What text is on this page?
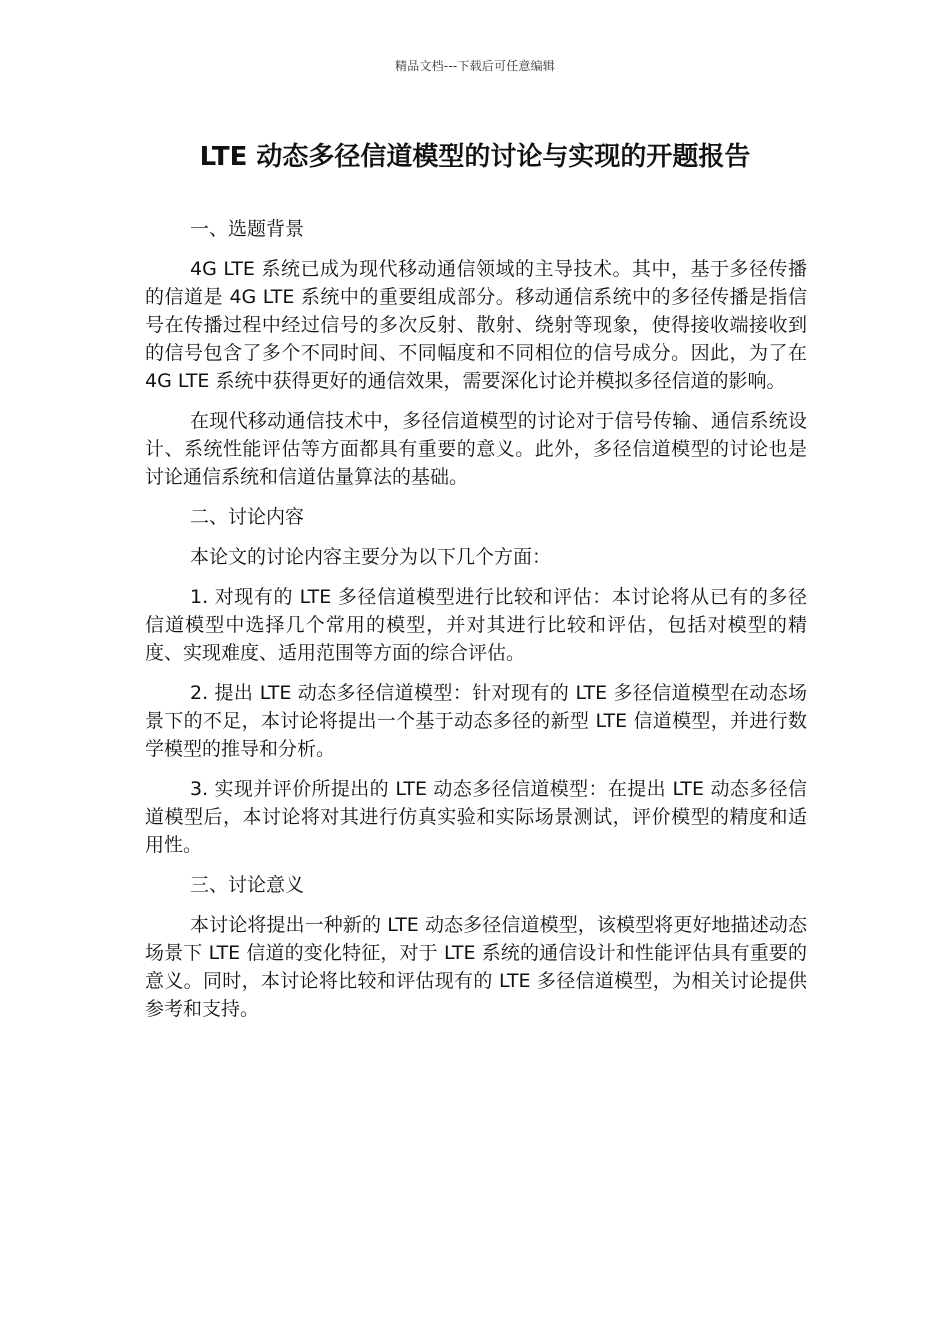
精品文档---下载后可任意编辑
LTE 动态多径信道模型的讨论与实现的开题报告

一、选题背景

4G LTE 系统已成为现代移动通信领域的主导技术。其中，基于多径传播的信道是 4G LTE 系统中的重要组成部分。移动通信系统中的多径传播是指信号在传播过程中经过信号的多次反射、散射、绕射等现象，使得接收端接收到的信号包含了多个不同时间、不同幅度和不同相位的信号成分。因此，为了在 4G LTE 系统中获得更好的通信效果，需要深化讨论并模拟多径信道的影响。

在现代移动通信技术中，多径信道模型的讨论对于信号传输、通信系统设计、系统性能评估等方面都具有重要的意义。此外，多径信道模型的讨论也是讨论通信系统和信道估量算法的基础。

二、讨论内容

本论文的讨论内容主要分为以下几个方面：

1. 对现有的 LTE 多径信道模型进行比较和评估：本讨论将从已有的多径信道模型中选择几个常用的模型，并对其进行比较和评估，包括对模型的精度、实现难度、适用范围等方面的综合评估。

2. 提出 LTE 动态多径信道模型：针对现有的 LTE 多径信道模型在动态场景下的不足，本讨论将提出一个基于动态多径的新型 LTE 信道模型，并进行数学模型的推导和分析。

3. 实现并评价所提出的 LTE 动态多径信道模型：在提出 LTE 动态多径信道模型后，本讨论将对其进行仿真实验和实际场景测试，评价模型的精度和适用性。

三、讨论意义

本讨论将提出一种新的 LTE 动态多径信道模型，该模型将更好地描述动态场景下 LTE 信道的变化特征，对于 LTE 系统的通信设计和性能评估具有重要的意义。同时，本讨论将比较和评估现有的 LTE 多径信道模型，为相关讨论提供参考和支持。
